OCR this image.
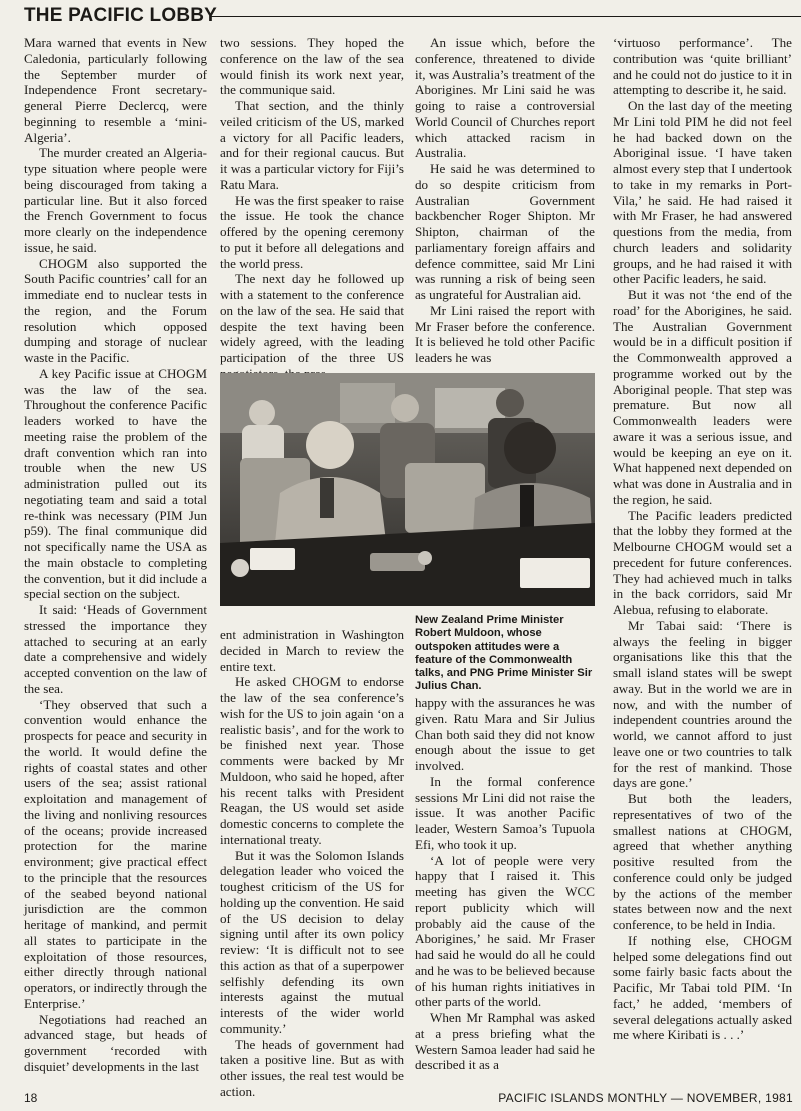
THE PACIFIC LOBBY

Mara warned that events in New Caledonia, particularly following the September murder of Independence Front secretary-general Pierre Declercq, were beginning to resemble a ‘mini-Algeria’.

The murder created an Algeria-type situation where people were being discouraged from taking a particular line. But it also forced the French Government to focus more clearly on the independence issue, he said.

CHOGM also supported the South Pacific countries’ call for an immediate end to nuclear tests in the region, and the Forum resolution which opposed dumping and storage of nuclear waste in the Pacific.

A key Pacific issue at CHOGM was the law of the sea. Throughout the conference Pacific leaders worked to have the meeting raise the problem of the draft convention which ran into trouble when the new US administration pulled out its negotiating team and said a total re-think was necessary (PIM Jun p59). The final communique did not specifically name the USA as the main obstacle to completing the convention, but it did include a special section on the subject.

It said: ‘Heads of Government stressed the importance they attached to securing at an early date a comprehensive and widely accepted convention on the law of the sea.

‘They observed that such a convention would enhance the prospects for peace and security in the world. It would define the rights of coastal states and other users of the sea; assist rational exploitation and management of the living and nonliving resources of the oceans; provide increased protection for the marine environment; give practical effect to the principle that the resources of the seabed beyond national jurisdiction are the common heritage of mankind, and permit all states to participate in the exploitation of those resources, either directly through national operators, or indirectly through the Enterprise.’

Negotiations had reached an advanced stage, but heads of government ‘recorded with disquiet’ developments in the last

two sessions. They hoped the conference on the law of the sea would finish its work next year, the communique said.

That section, and the thinly veiled criticism of the US, marked a victory for all Pacific leaders, and for their regional caucus. But it was a particular victory for Fiji’s Ratu Mara.

He was the first speaker to raise the issue. He took the chance offered by the opening ceremony to put it before all delegations and the world press.

The next day he followed up with a statement to the conference on the law of the sea. He said that despite the text having been widely agreed, with the leading participation of the three US

An issue which, before the conference, threatened to divide it, was Australia’s treatment of the Aborigines. Mr Lini said he was going to raise a controversial World Council of Churches report which attacked racism in Australia.

He said he was determined to do so despite criticism from Australian Government backbencher Roger Shipton. Mr Shipton, chairman of the parliamentary foreign affairs and defence committee, said Mr Lini was running a risk of being seen as ungrateful for Australian aid.

Mr Lini raised the report with Mr Fraser before the conference. It is believed he told other Pacific leaders he was

New Zealand Prime Minister Robert Muldoon, whose outspoken attitudes were a feature of the Commonwealth talks, and PNG Prime Minister Sir Julius Chan.

ent administration in Washington decided in March to review the entire text.

He asked CHOGM to endorse the law of the sea conference’s wish for the US to join again ‘on a realistic basis’, and for the work to be finished next year. Those comments were backed by Mr Muldoon, who said he hoped, after his recent talks with President Reagan, the US would set aside domestic concerns to complete the international treaty.

But it was the Solomon Islands delegation leader who voiced the toughest criticism of the US for holding up the convention. He said of the US decision to delay signing until after its own policy review: ‘It is difficult not to see this action as that of a superpower selfishly defending its own interests against the mutual interests of the wider world community.’

The heads of government had taken a positive line. But as with other issues, the real test would be action.

happy with the assurances he was given. Ratu Mara and Sir Julius Chan both said they did not know enough about the issue to get involved.

In the formal conference sessions Mr Lini did not raise the issue. It was another Pacific leader, Western Samoa’s Tupuola Efi, who took it up.

‘A lot of people were very happy that I raised it. This meeting has given the WCC report publicity which will probably aid the cause of the Aborigines,’ he said. Mr Fraser had said he would do all he could and he was to be believed because of his human rights initiatives in other parts of the world.

When Mr Ramphal was asked at a press briefing what the Western Samoa leader had said he described it as a

‘virtuoso performance’. The contribution was ‘quite brilliant’ and he could not do justice to it in attempting to describe it, he said.

On the last day of the meeting Mr Lini told PIM he did not feel he had backed down on the Aboriginal issue. ‘I have taken almost every step that I undertook to take in my remarks in Port-Vila,’ he said. He had raised it with Mr Fraser, he had answered questions from the media, from church leaders and solidarity groups, and he had raised it with other Pacific leaders, he said.

But it was not ‘the end of the road’ for the Aborigines, he said. The Australian Government would be in a difficult position if the Commonwealth approved a programme worked out by the Aboriginal people. That step was premature. But now all Commonwealth leaders were aware it was a serious issue, and would be keeping an eye on it. What happened next depended on what was done in Australia and in the region, he said.

The Pacific leaders predicted that the lobby they formed at the Melbourne CHOGM would set a precedent for future conferences. They had achieved much in talks in the back corridors, said Mr Alebua, refusing to elaborate.

Mr Tabai said: ‘There is always the feeling in bigger organisations like this that the small island states will be swept away. But in the world we are in now, and with the number of independent countries around the world, we cannot afford to just leave one or two countries to talk for the rest of mankind. Those days are gone.’

But both the leaders, representatives of two of the smallest nations at CHOGM, agreed that whether anything positive resulted from the conference could only be judged by the actions of the member states between now and the next conference, to be held in India.

If nothing else, CHOGM helped some delegations find out some fairly basic facts about the Pacific, Mr Tabai told PIM. ‘In fact,’ he added, ‘members of several delegations actually asked me where Kiribati is . . .’

18	PACIFIC ISLANDS MONTHLY — NOVEMBER, 1981
